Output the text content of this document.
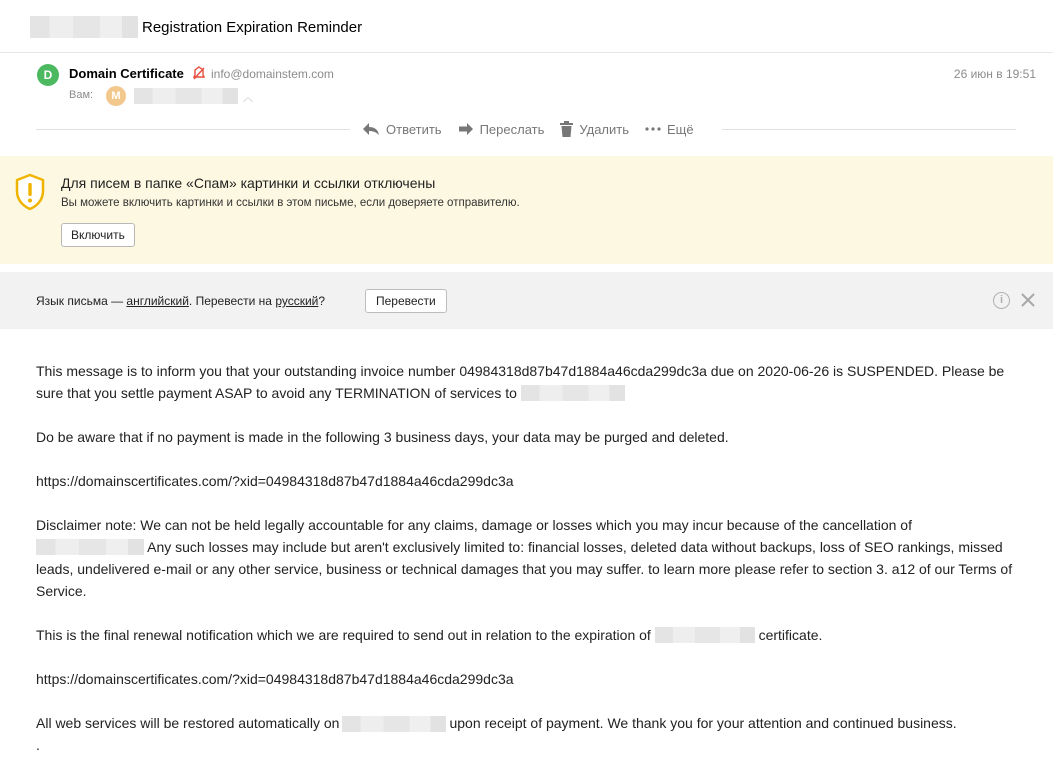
Registration Expiration Reminder
D	Domain Certificate info@domainstem.com	26 июн в 19:51
Вам:	M	︿
Ответить	Переслать	Удалить	Ещё
Для писем в папке «Спам» картинки и ссылки отключены
Вы можете включить картинки и ссылки в этом письме, если доверяете отправителю.
Включить
Язык письма — английский. Перевести на русский?	Перевести	i

This message is to inform you that your outstanding invoice number 04984318d87b47d1884a46cda299dc3a due on 2020-06-26 is SUSPENDED. Please be sure that you settle payment ASAP to avoid any TERMINATION of services to

Do be aware that if no payment is made in the following 3 business days, your data may be purged and deleted.

https://domainscertificates.com/?xid=04984318d87b47d1884a46cda299dc3a

Disclaimer note: We can not be held legally accountable for any claims, damage or losses which you may incur because of the cancellation of  Any such losses may include but aren't exclusively limited to: financial losses, deleted data without backups, loss of SEO rankings, missed leads, undelivered e-mail or any other service, business or technical damages that you may suffer. to learn more please refer to section 3. a12 of our Terms of Service.

This is the final renewal notification which we are required to send out in relation to the expiration of	certificate.

https://domainscertificates.com/?xid=04984318d87b47d1884a46cda299dc3a

All web services will be restored automatically on	upon receipt of payment. We thank you for your attention and continued business.

.
